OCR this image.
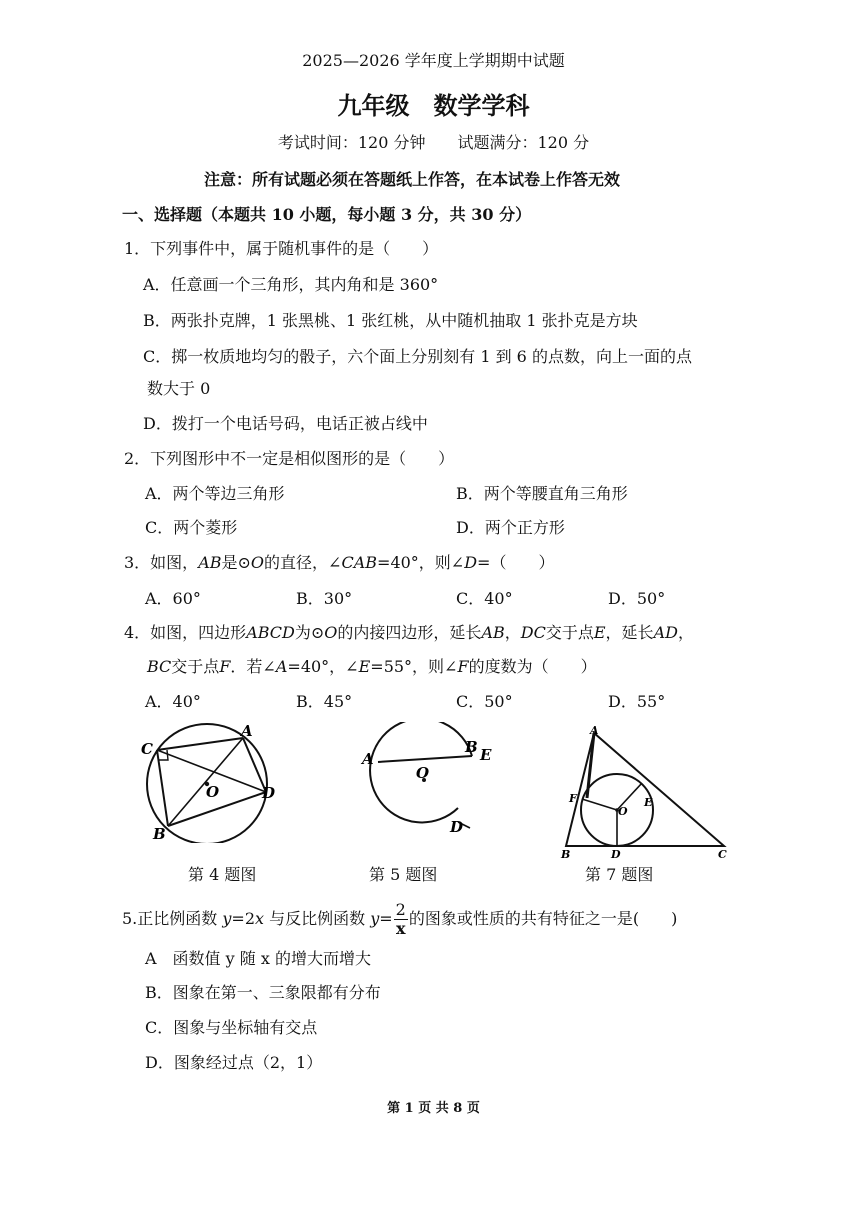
2025—2026 学年度上学期期中试题
九年级　数学学科
考试时间：120 分钟　　试题满分：120 分
注意：所有试题必须在答题纸上作答，在本试卷上作答无效
一、选择题（本题共 10 小题，每小题 3 分，共 30 分）
1．下列事件中，属于随机事件的是（　　）
A．任意画一个三角形，其内角和是 360°
B．两张扑克牌，1 张黑桃、1 张红桃，从中随机抽取 1 张扑克是方块
C．掷一枚质地均匀的骰子，六个面上分别刻有 1 到 6 的点数，向上一面的点
数大于 0
D．拨打一个电话号码，电话正被占线中
2．下列图形中不一定是相似图形的是（　　）
A．两个等边三角形	B．两个等腰直角三角形
C．两个菱形	D．两个正方形
3．如图，AB是⊙O的直径，∠CAB=40°，则∠D=（　　）
A．60°	B．30°	C．40°	D．50°
4．如图，四边形ABCD为⊙O的内接四边形，延长AB，DC交于点E，延长AD，
BC交于点F．若∠A=40°，∠E=55°，则∠F的度数为（　　）
A．40°	B．45°	C．50°	D．55°
C
A
O	D
B
第 4 题图
A
B E
O
D
第 5 题图
A
E
F
O
B	D	C
第 7 题图
5.正比例函数 y=2x 与反比例函数 $y= \frac{2}{x}$ 的图象或性质的共有特征之一是(　　)
A　函数值 y 随 x 的增大而增大
B．图象在第一、三象限都有分布
C．图象与坐标轴有交点
D．图象经过点（2，1）
第 1 页 共 8 页
